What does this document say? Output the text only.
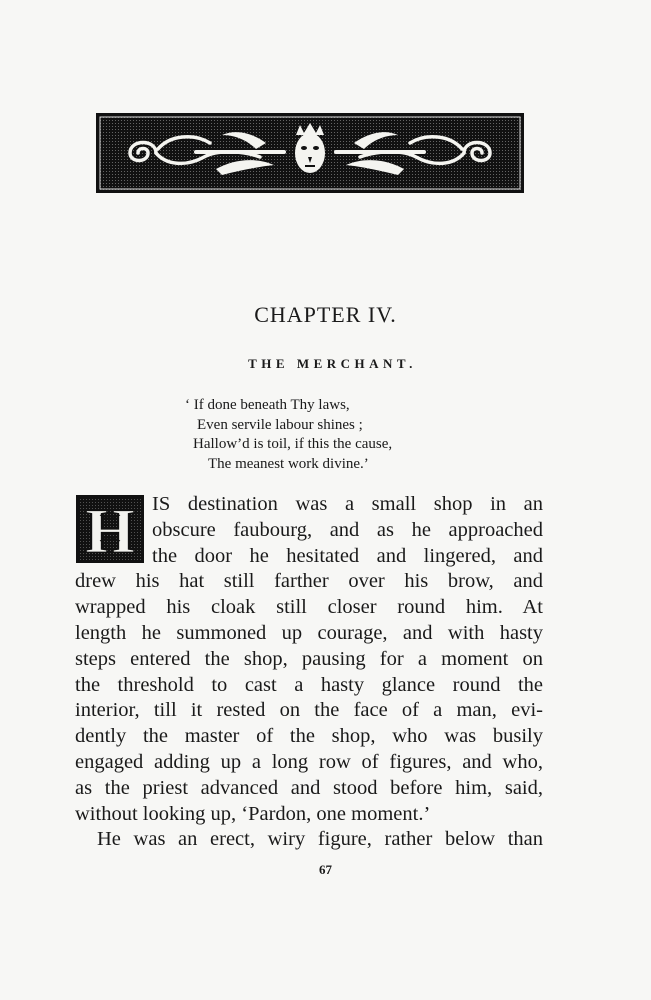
CHAPTER IV.
THE MERCHANT.
‘ If done beneath Thy laws,
Even servile labour shines ;
Hallow’d is toil, if this the cause,
The meanest work divine.’
H IS destination was a small shop in an
obscure faubourg, and as he approached
the door he hesitated and lingered, and
drew his hat still farther over his brow, and
wrapped his cloak still closer round him. At
length he summoned up courage, and with hasty
steps entered the shop, pausing for a moment on
the threshold to cast a hasty glance round the
interior, till it rested on the face of a man, evi-
dently the master of the shop, who was busily
engaged adding up a long row of figures, and who,
as the priest advanced and stood before him, said,
without looking up, ‘Pardon, one moment.’
He was an erect, wiry figure, rather below than
67
